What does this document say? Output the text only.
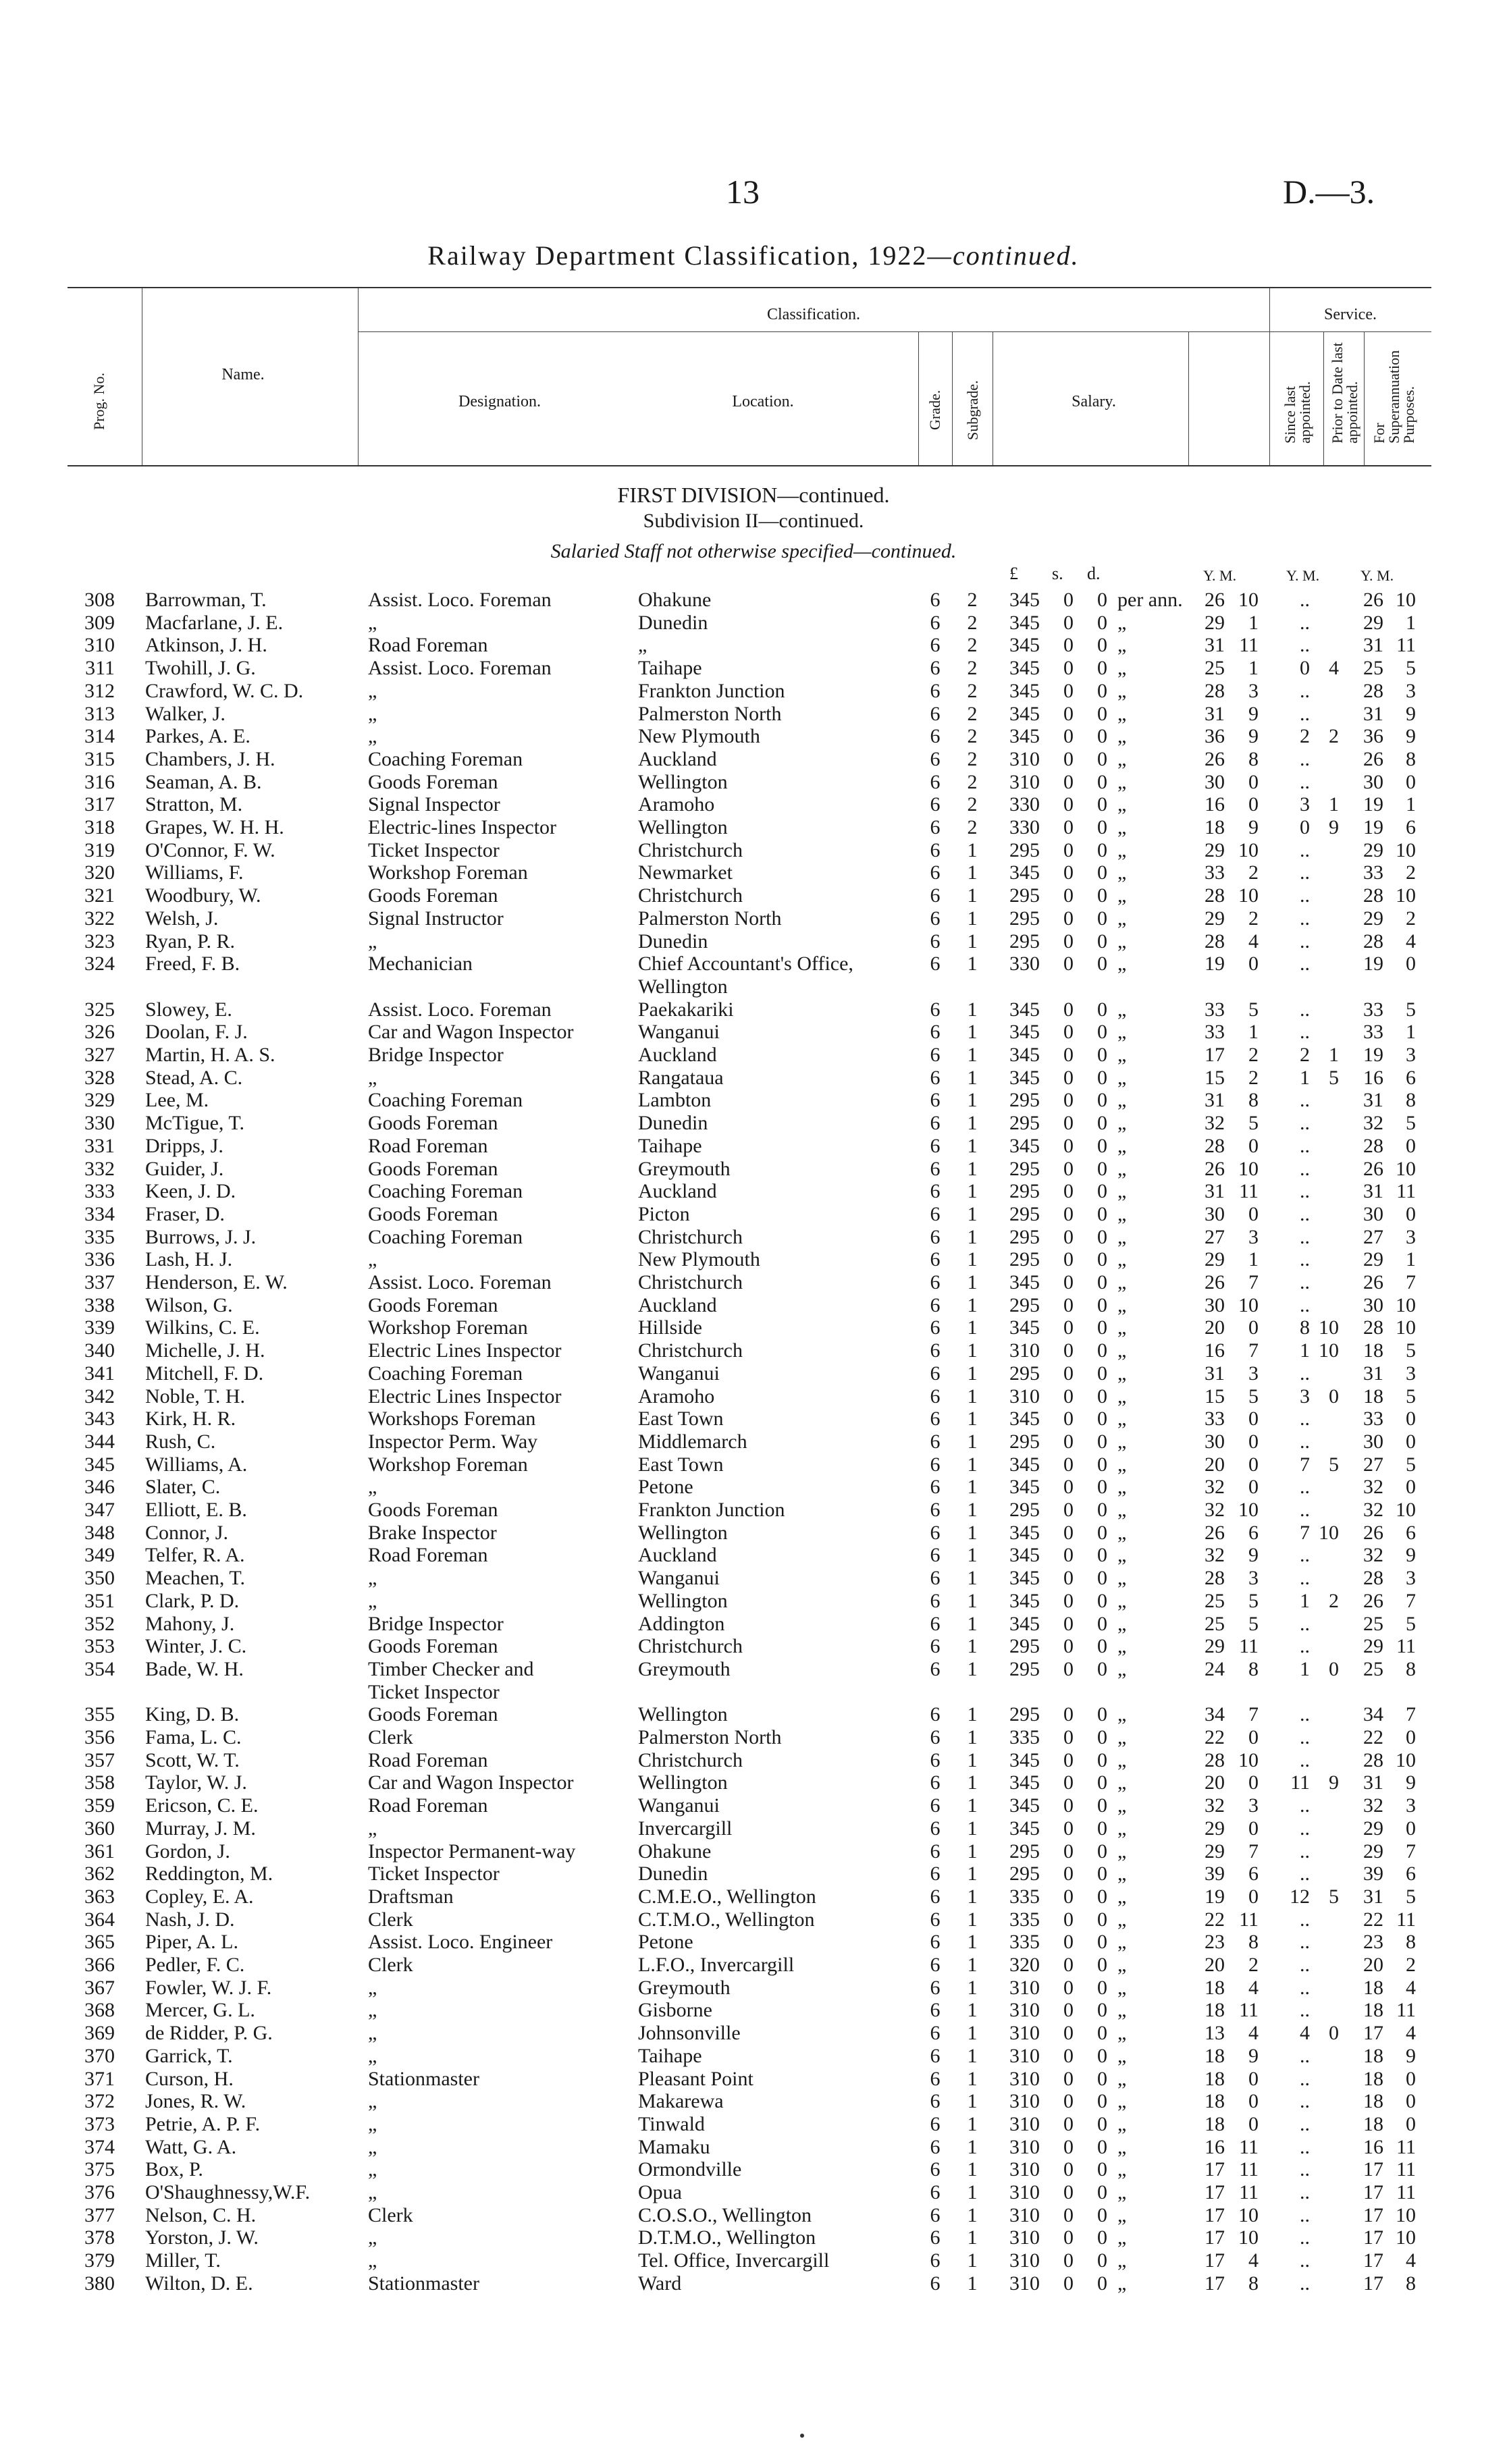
13	D.—3.
Railway Department Classification, 1922—continued.
Prog. No.	Name.
Classification.	Service.
Designation.	Location.	Grade. Subgrade.	Salary.	Since last appointed. Prior to Date last appointed. For Superannuation Purposes.
FIRST DIVISION—continued.
Subdivision II—continued.
Salaried Staff not otherwise specified—continued.
£ s. d.	Y. M.	Y. M.	Y. M.
308 Barrowman, T.	Assist. Loco. Foreman	Ohakune	6 2	345	0	0 per ann.	26 10	..	26 10
309 Macfarlane, J. E.	„	Dunedin	6 2	345	0	0 „	29	1	..	29	1
310 Atkinson, J. H.	Road Foreman	„	6 2	345	0	0 „	31 11	..	31 11
311 Twohill, J. G.	Assist. Loco. Foreman	Taihape	6 2	345	0	0 „	25	1	0 4	25	5
312 Crawford, W. C. D.	„	Frankton Junction	6 2	345	0	0 „	28	3	..	28	3
313 Walker, J.	„	Palmerston North	6 2	345	0	0 „	31	9	..	31	9
314 Parkes, A. E.	„	New Plymouth	6 2	345	0	0 „	36	9	2 2	36	9
315 Chambers, J. H.	Coaching Foreman	Auckland	6 2	310	0	0 „	26	8	..	26	8
316 Seaman, A. B.	Goods Foreman	Wellington	6 2	310	0	0 „	30	0	..	30	0
317 Stratton, M.	Signal Inspector	Aramoho	6 2	330	0	0 „	16	0	3 1	19	1
318 Grapes, W. H. H.	Electric-lines Inspector	Wellington	6 2	330	0	0 „	18	9	0 9	19	6
319 O'Connor, F. W.	Ticket Inspector	Christchurch	6 1	295	0	0 „	29 10	..	29 10
320 Williams, F.	Workshop Foreman	Newmarket	6 1	345	0	0 „	33	2	..	33	2
321 Woodbury, W.	Goods Foreman	Christchurch	6 1	295	0	0 „	28 10	..	28 10
322 Welsh, J.	Signal Instructor	Palmerston North	6 1	295	0	0 „	29	2	..	29	2
323 Ryan, P. R.	„	Dunedin	6 1	295	0	0 „	28	4	..	28	4
324 Freed, F. B.	Mechanician	Chief Accountant's Office,	6 1	330	0	0 „	19	0	..	19	0
Wellington
325 Slowey, E.	Assist. Loco. Foreman	Paekakariki	6 1	345	0	0 „	33	5	..	33	5
326 Doolan, F. J.	Car and Wagon Inspector	Wanganui	6 1	345	0	0 „	33	1	..	33	1
327 Martin, H. A. S.	Bridge Inspector	Auckland	6 1	345	0	0 „	17	2	2 1	19	3
328 Stead, A. C.	„	Rangataua	6 1	345	0	0 „	15	2	1 5	16	6
329 Lee, M.	Coaching Foreman	Lambton	6 1	295	0	0 „	31	8	..	31	8
330 McTigue, T.	Goods Foreman	Dunedin	6 1	295	0	0 „	32	5	..	32	5
331 Dripps, J.	Road Foreman	Taihape	6 1	345	0	0 „	28	0	..	28	0
332 Guider, J.	Goods Foreman	Greymouth	6 1	295	0	0 „	26 10	..	26 10
333 Keen, J. D.	Coaching Foreman	Auckland	6 1	295	0	0 „	31 11	..	31 11
334 Fraser, D.	Goods Foreman	Picton	6 1	295	0	0 „	30	0	..	30	0
335 Burrows, J. J.	Coaching Foreman	Christchurch	6 1	295	0	0 „	27	3	..	27	3
336 Lash, H. J.	„	New Plymouth	6 1	295	0	0 „	29	1	..	29	1
337 Henderson, E. W.	Assist. Loco. Foreman	Christchurch	6 1	345	0	0 „	26	7	..	26	7
338 Wilson, G.	Goods Foreman	Auckland	6 1	295	0	0 „	30 10	..	30 10
339 Wilkins, C. E.	Workshop Foreman	Hillside	6 1	345	0	0 „	20	0	8 10	28 10
340 Michelle, J. H.	Electric Lines Inspector	Christchurch	6 1	310	0	0 „	16	7	1 10	18	5
341 Mitchell, F. D.	Coaching Foreman	Wanganui	6 1	295	0	0 „	31	3	..	31	3
342 Noble, T. H.	Electric Lines Inspector	Aramoho	6 1	310	0	0 „	15	5	3 0	18	5
343 Kirk, H. R.	Workshops Foreman	East Town	6 1	345	0	0 „	33	0	..	33	0
344 Rush, C.	Inspector Perm. Way	Middlemarch	6 1	295	0	0 „	30	0	..	30	0
345 Williams, A.	Workshop Foreman	East Town	6 1	345	0	0 „	20	0	7 5	27	5
346 Slater, C.	„	Petone	6 1	345	0	0 „	32	0	..	32	0
347 Elliott, E. B.	Goods Foreman	Frankton Junction	6 1	295	0	0 „	32 10	..	32 10
348 Connor, J.	Brake Inspector	Wellington	6 1	345	0	0 „	26	6	7 10	26	6
349 Telfer, R. A.	Road Foreman	Auckland	6 1	345	0	0 „	32	9	..	32	9
350 Meachen, T.	„	Wanganui	6 1	345	0	0 „	28	3	..	28	3
351 Clark, P. D.	„	Wellington	6 1	345	0	0 „	25	5	1 2	26	7
352 Mahony, J.	Bridge Inspector	Addington	6 1	345	0	0 „	25	5	..	25	5
353 Winter, J. C.	Goods Foreman	Christchurch	6 1	295	0	0 „	29 11	..	29 11
354 Bade, W. H.	Timber Checker and	Greymouth	6 1	295	0	0 „	24	8	1 0	25	8
Ticket Inspector
355 King, D. B.	Goods Foreman	Wellington	6 1	295	0	0 „	34	7	..	34	7
356 Fama, L. C.	Clerk	Palmerston North	6 1	335	0	0 „	22	0	..	22	0
357 Scott, W. T.	Road Foreman	Christchurch	6 1	345	0	0 „	28 10	..	28 10
358 Taylor, W. J.	Car and Wagon Inspector	Wellington	6 1	345	0	0 „	20	0	11 9	31	9
359 Ericson, C. E.	Road Foreman	Wanganui	6 1	345	0	0 „	32	3	..	32	3
360 Murray, J. M.	„	Invercargill	6 1	345	0	0 „	29	0	..	29	0
361 Gordon, J.	Inspector Permanent-way	Ohakune	6 1	295	0	0 „	29	7	..	29	7
362 Reddington, M.	Ticket Inspector	Dunedin	6 1	295	0	0 „	39	6	..	39	6
363 Copley, E. A.	Draftsman	C.M.E.O., Wellington	6 1	335	0	0 „	19	0	12 5	31	5
364 Nash, J. D.	Clerk	C.T.M.O., Wellington	6 1	335	0	0 „	22 11	..	22 11
365 Piper, A. L.	Assist. Loco. Engineer	Petone	6 1	335	0	0 „	23	8	..	23	8
366 Pedler, F. C.	Clerk	L.F.O., Invercargill	6 1	320	0	0 „	20	2	..	20	2
367 Fowler, W. J. F.	„	Greymouth	6 1	310	0	0 „	18	4	..	18	4
368 Mercer, G. L.	„	Gisborne	6 1	310	0	0 „	18 11	..	18 11
369 de Ridder, P. G.	„	Johnsonville	6 1	310	0	0 „	13	4	4 0	17	4
370 Garrick, T.	„	Taihape	6 1	310	0	0 „	18	9	..	18	9
371 Curson, H.	Stationmaster	Pleasant Point	6 1	310	0	0 „	18	0	..	18	0
372 Jones, R. W.	„	Makarewa	6 1	310	0	0 „	18	0	..	18	0
373 Petrie, A. P. F.	„	Tinwald	6 1	310	0	0 „	18	0	..	18	0
374 Watt, G. A.	„	Mamaku	6 1	310	0	0 „	16 11	..	16 11
375 Box, P.	„	Ormondville	6 1	310	0	0 „	17 11	..	17 11
376 O'Shaughnessy,W.F.	„	Opua	6 1	310	0	0 „	17 11	..	17 11
377 Nelson, C. H.	Clerk	C.O.S.O., Wellington	6 1	310	0	0 „	17 10	..	17 10
378 Yorston, J. W.	„	D.T.M.O., Wellington	6 1	310	0	0 „	17 10	..	17 10
379 Miller, T.	„	Tel. Office, Invercargill	6 1	310	0	0 „	17	4	..	17	4
380 Wilton, D. E.	Stationmaster	Ward	6 1	310	0	0 „	17	8	..	17	8
